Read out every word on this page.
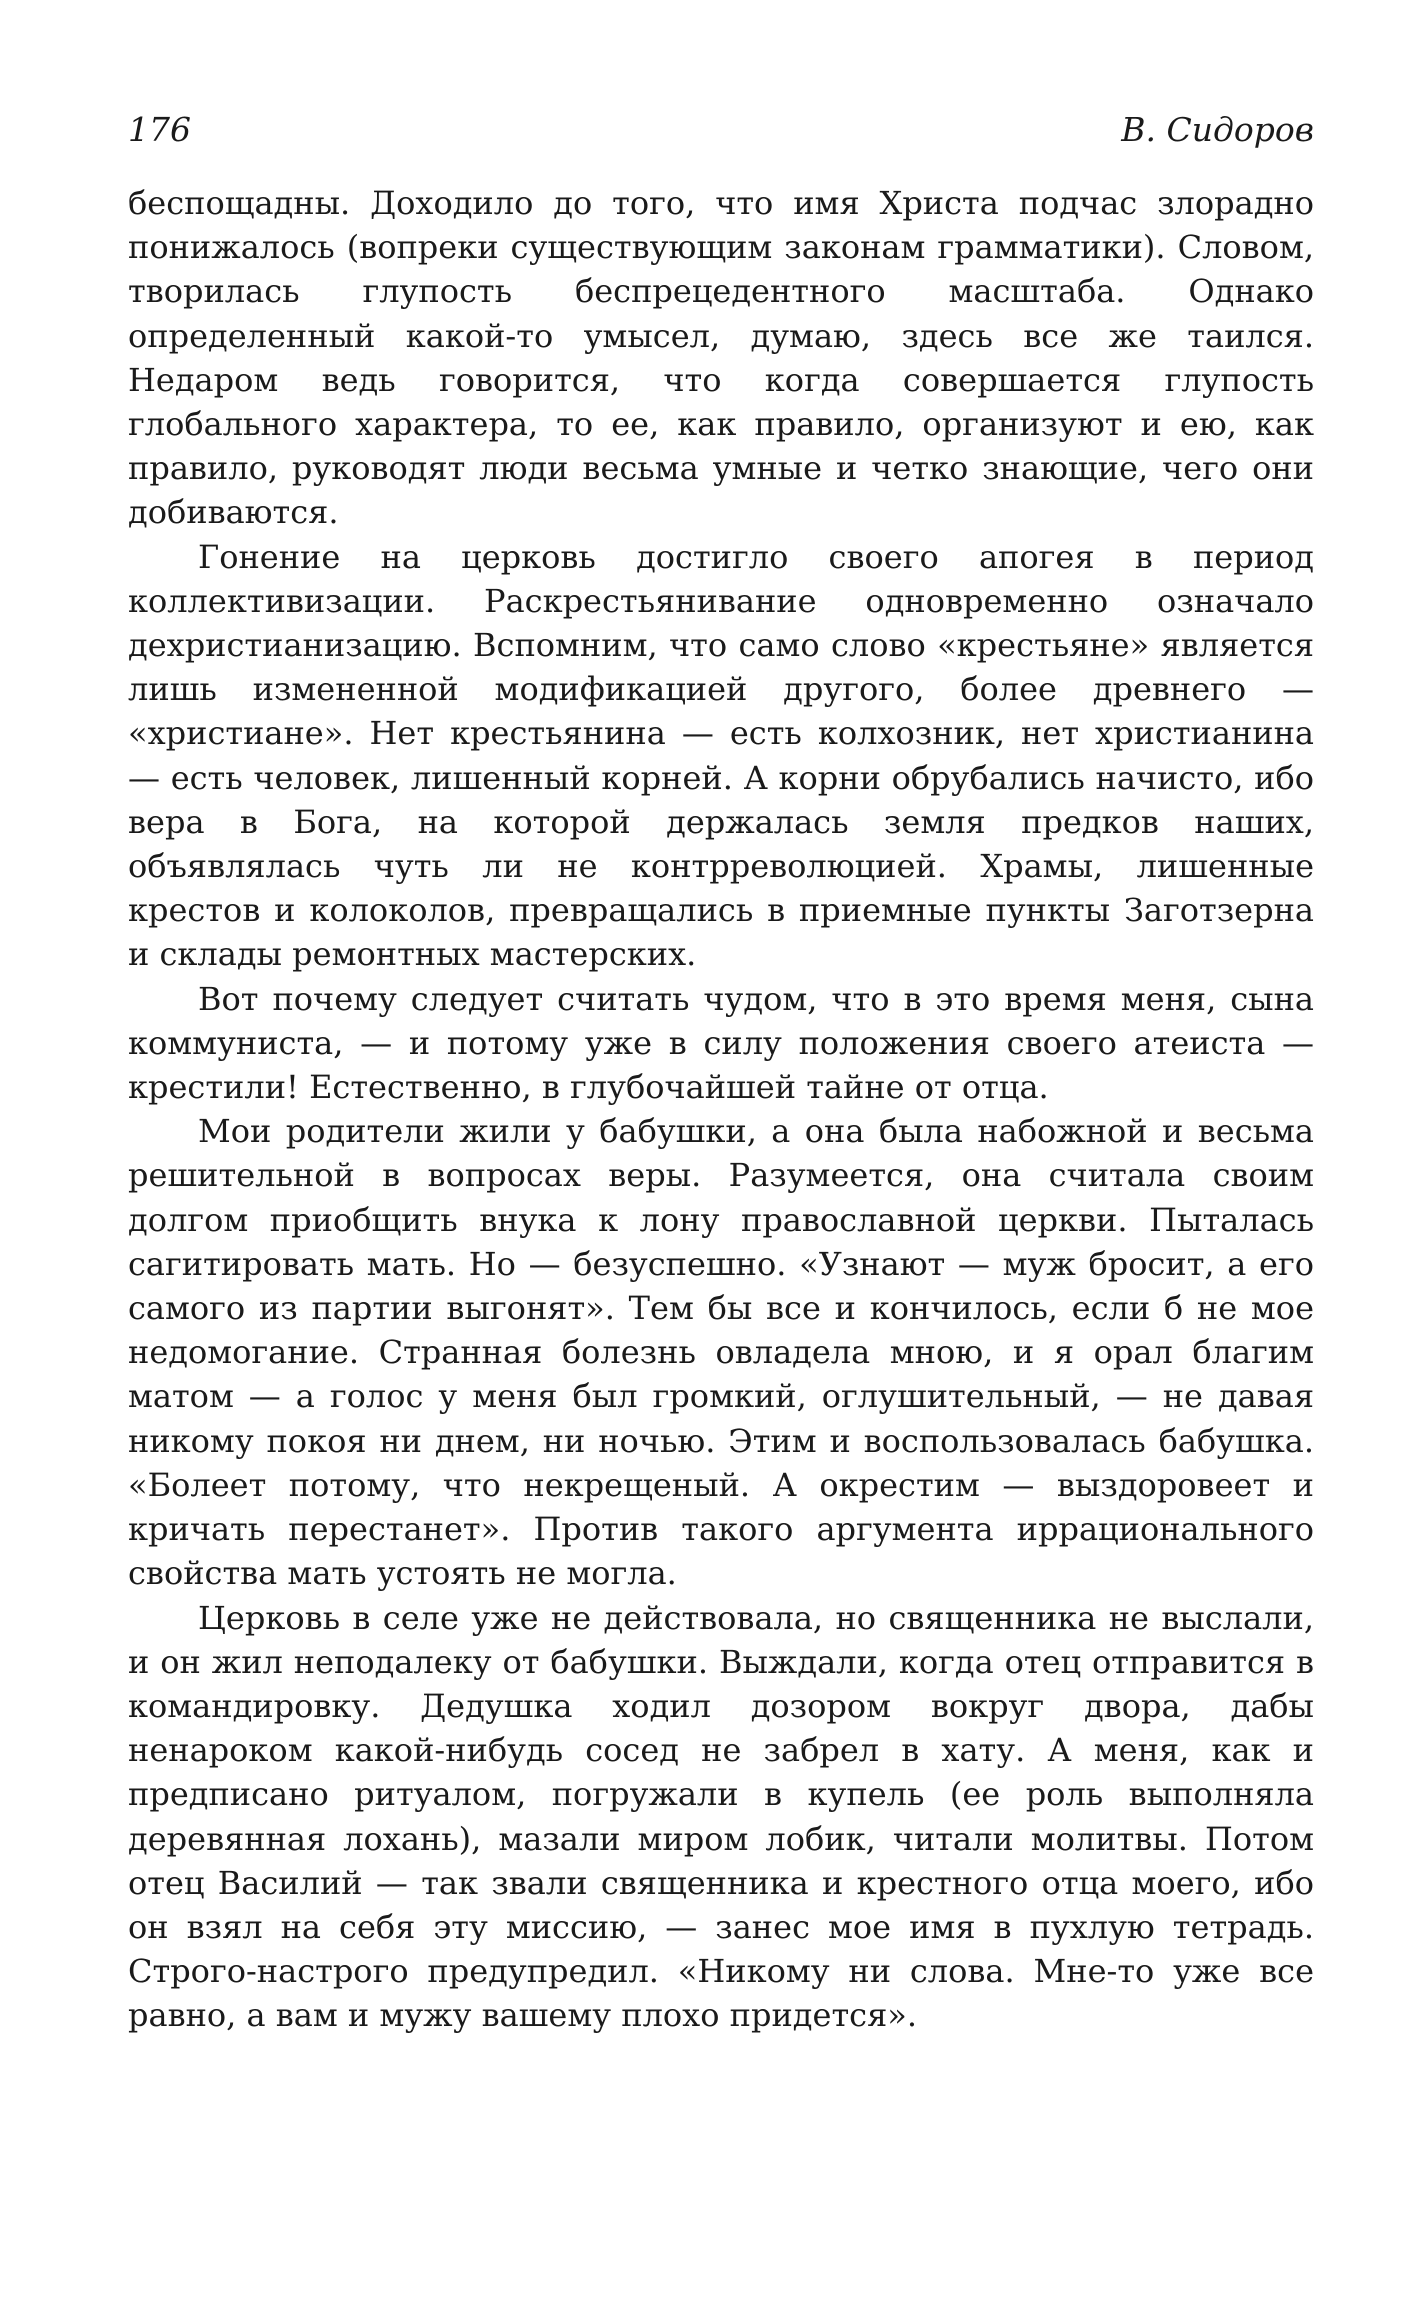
176	В. Сидоров

беспощадны. Доходило до того, что имя Христа подчас злорадно понижалось (вопреки существующим законам грамматики). Словом, творилась глупость беспрецедентного масштаба. Однако определенный какой-то умысел, думаю, здесь все же таился. Недаром ведь говорится, что когда совершается глупость глобального характера, то ее, как правило, организуют и ею, как правило, руководят люди весьма умные и четко знающие, чего они добиваются.

Гонение на церковь достигло своего апогея в период коллективизации. Раскрестьянивание одновременно означало дехристианизацию. Вспомним, что само слово «крестьяне» является лишь измененной модификацией другого, более древнего — «христиане». Нет крестьянина — есть колхозник, нет христианина — есть человек, лишенный корней. А корни обрубались начисто, ибо вера в Бога, на которой держалась земля предков наших, объявлялась чуть ли не контрреволюцией. Храмы, лишенные крестов и колоколов, превращались в приемные пункты Заготзерна и склады ремонтных мастерских.

Вот почему следует считать чудом, что в это время меня, сына коммуниста, — и потому уже в силу положения своего атеиста — крестили! Естественно, в глубочайшей тайне от отца.

Мои родители жили у бабушки, а она была набожной и весьма решительной в вопросах веры. Разумеется, она считала своим долгом приобщить внука к лону православной церкви. Пыталась сагитировать мать. Но — безуспешно. «Узнают — муж бросит, а его самого из партии выгонят». Тем бы все и кончилось, если б не мое недомогание. Странная болезнь овладела мною, и я орал благим матом — а голос у меня был громкий, оглушительный, — не давая никому покоя ни днем, ни ночью. Этим и воспользовалась бабушка. «Болеет потому, что некрещеный. А окрестим — выздоровеет и кричать перестанет». Против такого аргумента иррационального свойства мать устоять не могла.

Церковь в селе уже не действовала, но священника не выслали, и он жил неподалеку от бабушки. Выждали, когда отец отправится в командировку. Дедушка ходил дозором вокруг двора, дабы ненароком какой-нибудь сосед не забрел в хату. А меня, как и предписано ритуалом, погружали в купель (ее роль выполняла деревянная лохань), мазали миром лобик, читали молитвы. Потом отец Василий — так звали священника и крестного отца моего, ибо он взял на себя эту миссию, — занес мое имя в пухлую тетрадь. Строго-настрого предупредил. «Никому ни слова. Мне-то уже все равно, а вам и мужу вашему плохо придется».
